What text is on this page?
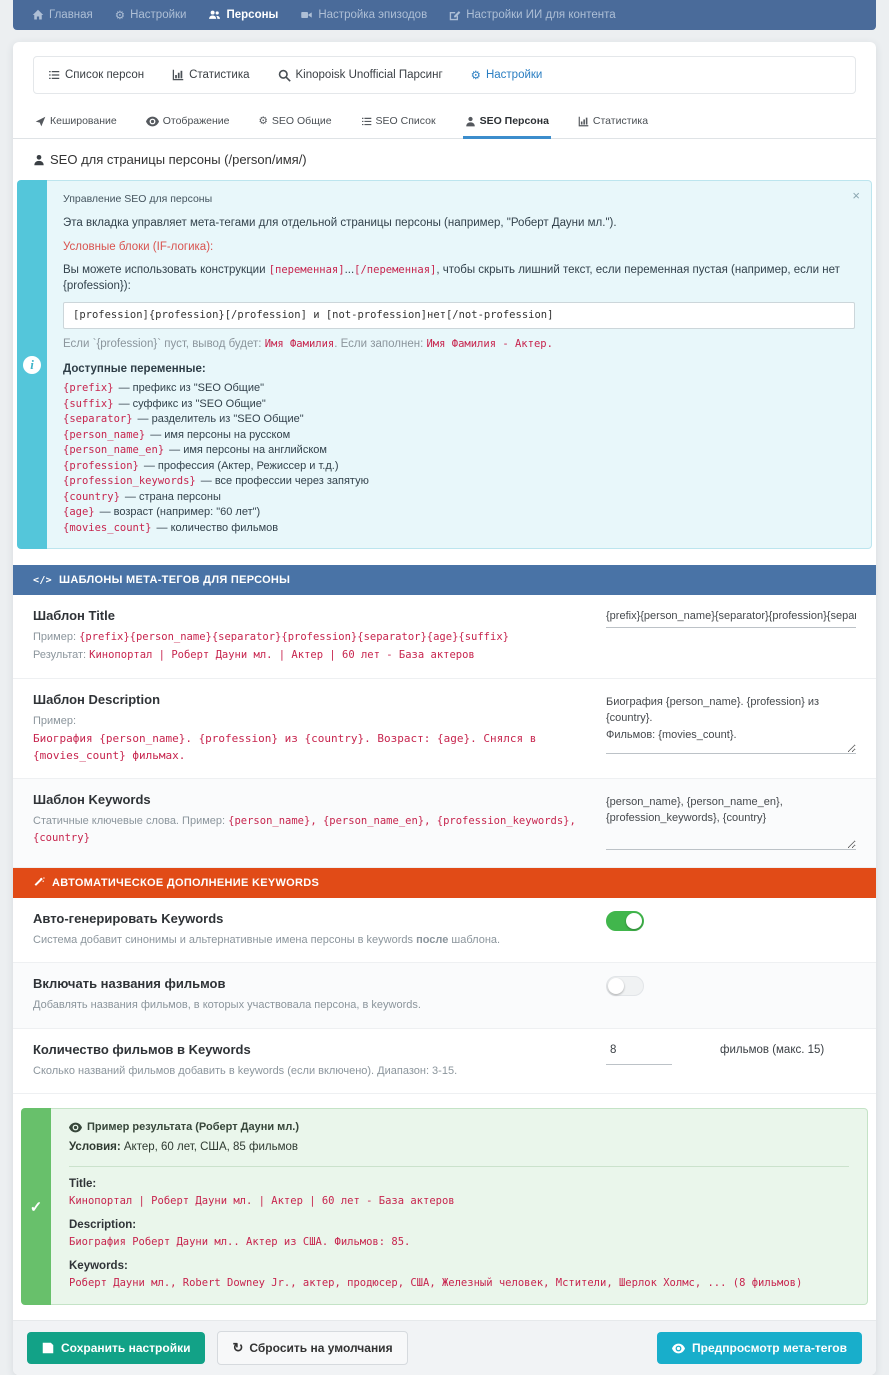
Главная ⚙ Настройки	Персоны	Настройка эпизодов	Настройки ИИ для контента
Список персон	Статистика	Kinopoisk Unofficial Парсинг ⚙ Настройки
Кеширование	Отображение	⚙ SEO Общие	SEO Список	SEO Персона	Статистика
SEO для страницы персоны (/person/имя/)
i
×
Управление SEO для персоны
Эта вкладка управляет мета-тегами для отдельной страницы персоны (например, "Роберт Дауни мл.").
Условные блоки (IF-логика):
Вы можете использовать конструкции [переменная]...[/переменная], чтобы скрыть лишний текст, если переменная пустая (например, если нет {profession}):
[profession]{profession}[/profession] и [not-profession]нет[/not-profession]
Если `{profession}` пуст, вывод будет: Имя Фамилия. Если заполнен: Имя Фамилия - Актер.
Доступные переменные:
{prefix} — префикс из "SEO Общие"
{suffix} — суффикс из "SEO Общие"
{separator} — разделитель из "SEO Общие"
{person_name} — имя персоны на русском
{person_name_en} — имя персоны на английском
{profession} — профессия (Актер, Режиссер и т.д.)
{profession_keywords} — все профессии через запятую
{country} — страна персоны
{age} — возраст (например: "60 лет")
{movies_count} — количество фильмов
</> ШАБЛОНЫ МЕТА-ТЕГОВ ДЛЯ ПЕРСОНЫ
Шаблон Title
Пример: {prefix}{person_name}{separator}{profession}{separator}{age}{suffix}
Результат: Кинопортал | Роберт Дауни мл. | Актер | 60 лет - База актеров
{prefix}{person_name}{separator}{profession}{separator}{age}{suffix}
Шаблон Description
Пример:
Биография {person_name}. {profession} из {country}. Возраст: {age}. Снялся в {movies_count} фильмах.
Биография {person_name}. {profession} из {country}. Фильмов: {movies_count}.
Шаблон Keywords
Статичные ключевые слова. Пример: {person_name}, {person_name_en}, {profession_keywords}, {country}
{person_name}, {person_name_en}, {profession_keywords}, {country}
АВТОМАТИЧЕСКОЕ ДОПОЛНЕНИЕ KEYWORDS
Авто-генерировать Keywords
Система добавит синонимы и альтернативные имена персоны в keywords после шаблона.
Включать названия фильмов
Добавлять названия фильмов, в которых участвовала персона, в keywords.
Количество фильмов в Keywords
Сколько названий фильмов добавить в keywords (если включено). Диапазон: 3-15.
8
фильмов (макс. 15)
✓
Пример результата (Роберт Дауни мл.)
Условия: Актер, 60 лет, США, 85 фильмов
Title:
Кинопортал | Роберт Дауни мл. | Актер | 60 лет - База актеров
Description:
Биография Роберт Дауни мл.. Актер из США. Фильмов: 85.
Keywords:
Роберт Дауни мл., Robert Downey Jr., актер, продюсер, США, Железный человек, Мстители, Шерлок Холмс, ... (8 фильмов)
Сохранить настройки	↻ Сбросить на умолчания	Предпросмотр мета-тегов
